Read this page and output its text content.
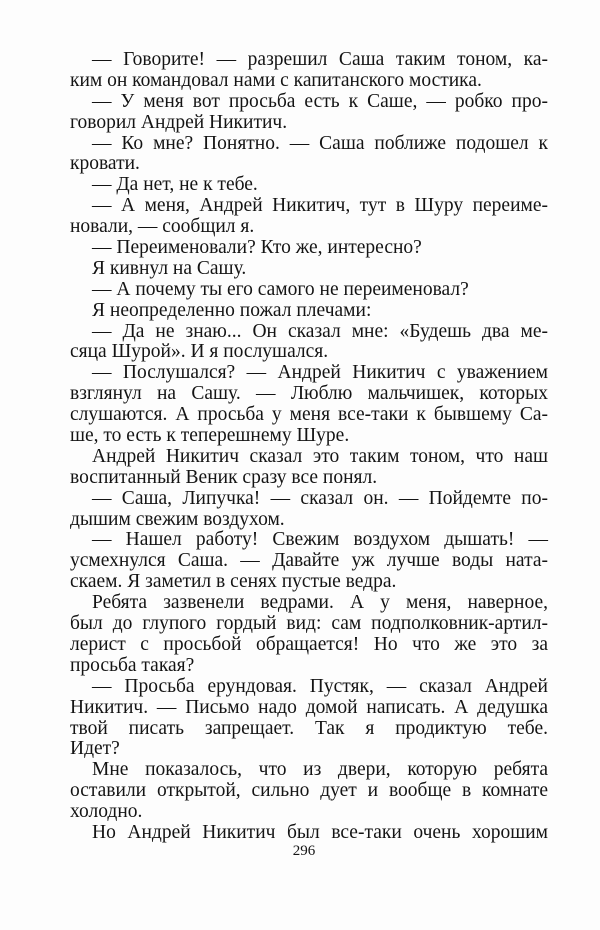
— Говорите! — разрешил Саша таким тоном, ка-
ким он командовал нами с капитанского мостика.
— У меня вот просьба есть к Саше, — робко про-
говорил Андрей Никитич.
— Ко мне? Понятно. — Саша поближе подошел к
кровати.
— Да нет, не к тебе.
— А меня, Андрей Никитич, тут в Шуру переиме-
новали, — сообщил я.
— Переименовали? Кто же, интересно?
Я кивнул на Сашу.
— А почему ты его самого не переименовал?
Я неопределенно пожал плечами:
— Да не знаю... Он сказал мне: «Будешь два ме-
сяца Шурой». И я послушался.
— Послушался? — Андрей Никитич с уважением
взглянул на Сашу. — Люблю мальчишек, которых
слушаются. А просьба у меня все-таки к бывшему Са-
ше, то есть к теперешнему Шуре.
Андрей Никитич сказал это таким тоном, что наш
воспитанный Веник сразу все понял.
— Саша, Липучка! — сказал он. — Пойдемте по-
дышим свежим воздухом.
— Нашел работу! Свежим воздухом дышать! —
усмехнулся Саша. — Давайте уж лучше воды ната-
скаем. Я заметил в сенях пустые ведра.
Ребята зазвенели ведрами. А у меня, наверное,
был до глупого гордый вид: сам подполковник-артил-
лерист с просьбой обращается! Но что же это за
просьба такая?
— Просьба ерундовая. Пустяк, — сказал Андрей
Никитич. — Письмо надо домой написать. А дедушка
твой писать запрещает. Так я продиктую тебе.
Идет?
Мне показалось, что из двери, которую ребята
оставили открытой, сильно дует и вообще в комнате
холодно.
Но Андрей Никитич был все-таки очень хорошим
296
